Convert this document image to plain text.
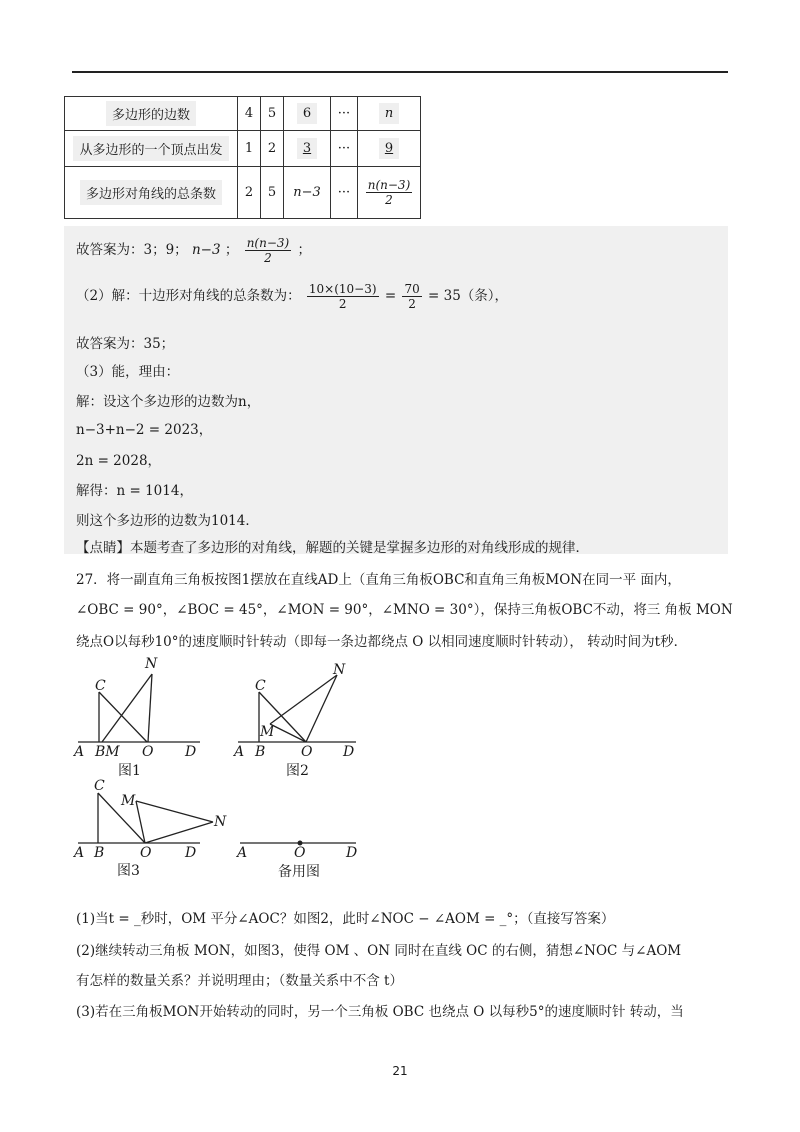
多边形的边数	4	5	6	···	n
从多边形的一个顶点出发	1	2	3	···	9
多边形对角线的总条数	2	5	n−3	···	$\frac{n(n-3)}{2}$
故答案为：3；9； n−3 ； $\frac{n(n-3)}{2}$ ；
（2）解：十边形对角线的总条数为： $\frac{10\times(10-3)}{2} = \frac{70}{2} = 35$（条），
故答案为：35；
（3）能，理由：
解：设这个多边形的边数为n，
n−3+n−2 = 2023，
2n = 2028，
解得：n = 1014，
则这个多边形的边数为1014．
【点睛】本题考查了多边形的对角线，解题的关键是掌握多边形的对角线形成的规律．
27．将一副直角三角板按图1摆放在直线AD上（直角三角板OBC和直角三角板MON在同一平 面内，
∠OBC = 90°，∠BOC = 45°，∠MON = 90°，∠MNO = 30°），保持三角板OBC不动，将三 角板 MON
绕点O以每秒10°的速度顺时针转动（即每一条边都绕点 O 以相同速度顺时针转动）， 转动时间为t秒．
C
N
A BM O D
图1
C
N
M
A B	O D
图2
C
M
N
A B	O D
图3
A	O	D
备用图
(1)当t = _秒时，OM 平分∠AOC？如图2，此时∠NOC − ∠AOM = _°；（直接写答案）
(2)继续转动三角板 MON，如图3，使得 OM 、ON 同时在直线 OC 的右侧，猜想∠NOC 与∠AOM
有怎样的数量关系？并说明理由；（数量关系中不含 t）
(3)若在三角板MON开始转动的同时，另一个三角板 OBC 也绕点 O 以每秒5°的速度顺时针 转动，当
21
